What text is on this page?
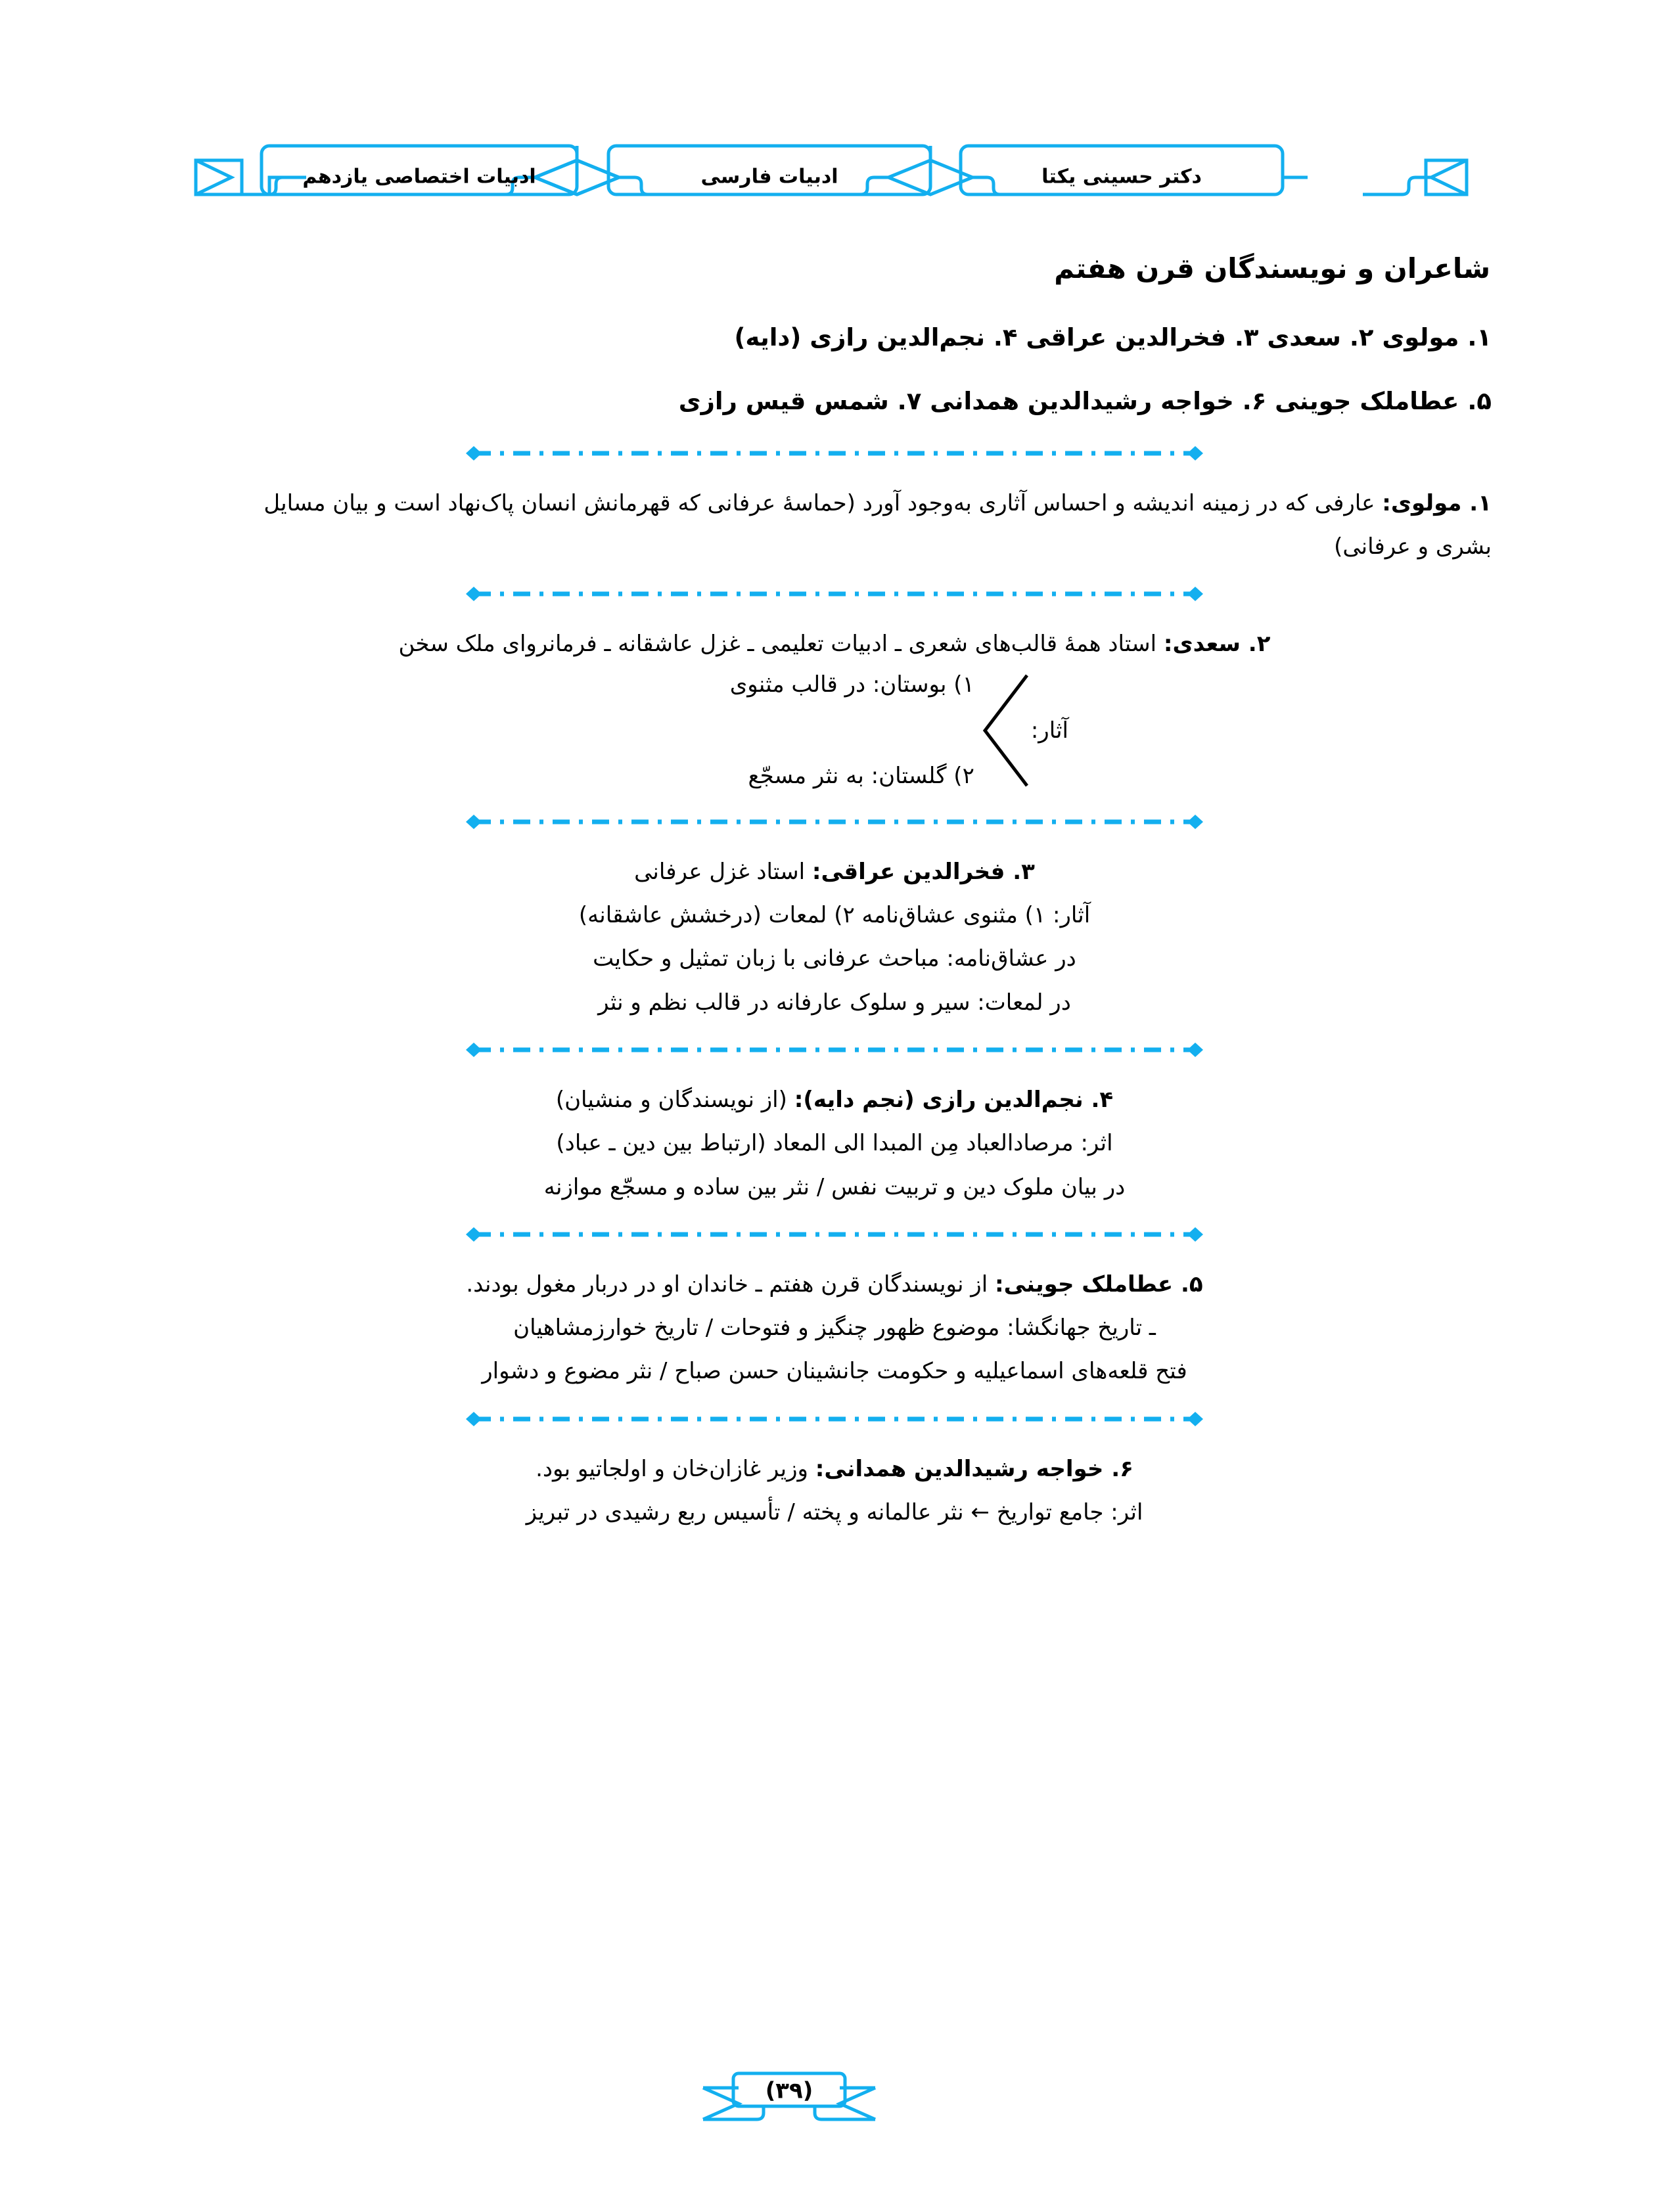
ادبیات اختصاصی یازدهم	ادبیات فارسی	دکتر حسینی یکتا
شاعران و نویسندگان قرن هفتم

۱. مولوی ۲. سعدی ۳. فخرالدین عراقی ۴. نجم‌الدین رازی (دایه)

۵. عطاملک جوینی ۶. خواجه رشیدالدین همدانی ۷. شمس قیس رازی

۱. مولوی: عارفی که در زمینه اندیشه و احساس آثاری به‌وجود آورد (حماسهٔ عرفانی که قهرمانش انسان پاک‌نهاد است و بیان مسایل

بشری و عرفانی)

۲. سعدی: استاد همهٔ قالب‌های شعری ـ ادبیات تعلیمی ـ غزل عاشقانه ـ فرمانروای ملک سخن

آثار:
۱) بوستان: در قالب مثنوی
۲) گلستان: به نثر مسجّع

۳. فخرالدین عراقی: استاد غزل عرفانی

آثار: ۱) مثنوی عشاق‌نامه ۲) لمعات (درخشش عاشقانه)

در عشاق‌نامه: مباحث عرفانی با زبان تمثیل و حکایت

در لمعات: سیر و سلوک عارفانه در قالب نظم و نثر

۴. نجم‌الدین رازی (نجم دایه): (از نویسندگان و منشیان)

اثر: مرصادالعباد مِن المبدا الی المعاد (ارتباط بین دین ـ عباد)

در بیان ملوک دین و تربیت نفس / نثر بین ساده و مسجّع موازنه

۵. عطاملک جوینی: از نویسندگان قرن هفتم ـ خاندان او در دربار مغول بودند.

ـ تاریخ جهانگشا: موضوع ظهور چنگیز و فتوحات / تاریخ خوارزمشاهیان

فتح قلعه‌های اسماعیلیه و حکومت جانشینان حسن صباح / نثر مضوع و دشوار

۶. خواجه رشیدالدین همدانی: وزیر غازان‌خان و اولجاتیو بود.

اثر: جامع تواریخ ← نثر عالمانه و پخته / تأسیس ربع رشیدی در تبریز

(۳۹)
